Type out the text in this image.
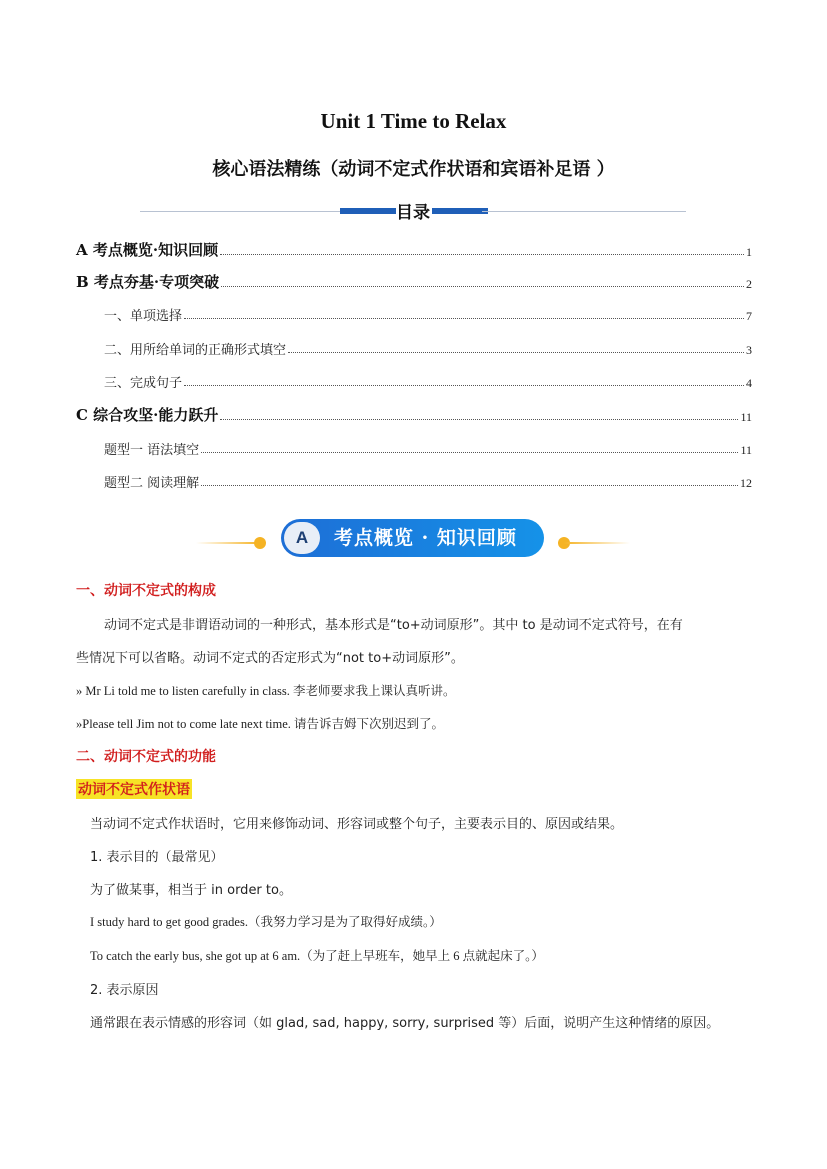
Unit 1 Time to Relax
核心语法精练（动词不定式作状语和宾语补足语 ）
目录
A 考点概览·知识回顾	1
B 考点夯基·专项突破	2
一、单项选择	7
二、用所给单词的正确形式填空	3
三、完成句子	4
C 综合攻坚·能力跃升	11
题型一 语法填空	11
题型二 阅读理解	12
A	考点概览 · 知识回顾
一、动词不定式的构成
动词不定式是非谓语动词的一种形式，基本形式是“to+动词原形”。其中 to 是动词不定式符号，在有
些情况下可以省略。动词不定式的否定形式为“not to+动词原形”。
» Mr Li told me to listen carefully in class. 李老师要求我上课认真听讲。
»Please tell Jim not to come late next time. 请告诉吉姆下次别迟到了。
二、动词不定式的功能
动词不定式作状语
当动词不定式作状语时，它用来修饰动词、形容词或整个句子，主要表示目的、原因或结果。
1. 表示目的（最常见）
为了做某事，相当于 in order to。
I study hard to get good grades.（我努力学习是为了取得好成绩。）
To catch the early bus, she got up at 6 am.（为了赶上早班车，她早上 6 点就起床了。）
2. 表示原因
通常跟在表示情感的形容词（如 glad, sad, happy, sorry, surprised 等）后面，说明产生这种情绪的原因。
